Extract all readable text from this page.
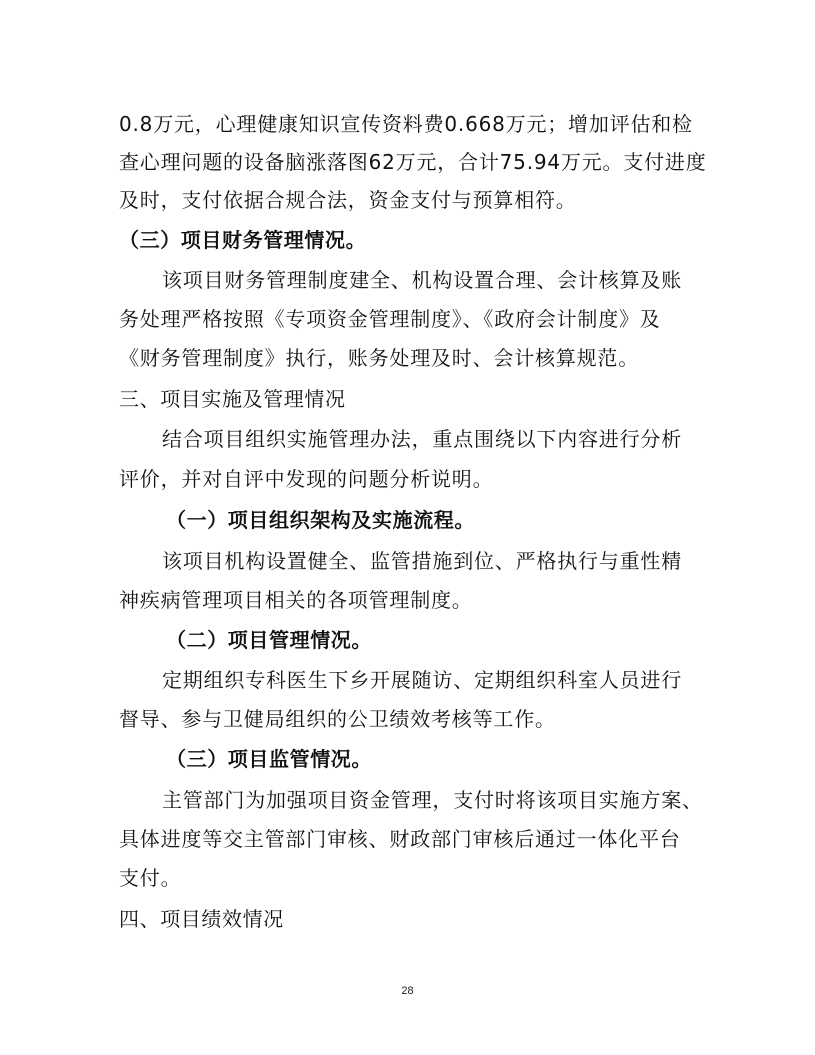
0.8万元，心理健康知识宣传资料费0.668万元；增加评估和检
查心理问题的设备脑涨落图62万元，合计75.94万元。支付进度
及时，支付依据合规合法，资金支付与预算相符。
（三）项目财务管理情况。
该项目财务管理制度建全、机构设置合理、会计核算及账
务处理严格按照《专项资金管理制度》、《政府会计制度》及
《财务管理制度》执行，账务处理及时、会计核算规范。
三、项目实施及管理情况
结合项目组织实施管理办法，重点围绕以下内容进行分析
评价，并对自评中发现的问题分析说明。
（一）项目组织架构及实施流程。
该项目机构设置健全、监管措施到位、严格执行与重性精
神疾病管理项目相关的各项管理制度。
（二）项目管理情况。
定期组织专科医生下乡开展随访、定期组织科室人员进行
督导、参与卫健局组织的公卫绩效考核等工作。
（三）项目监管情况。
主管部门为加强项目资金管理，支付时将该项目实施方案、
具体进度等交主管部门审核、财政部门审核后通过一体化平台
支付。
四、项目绩效情况
28
